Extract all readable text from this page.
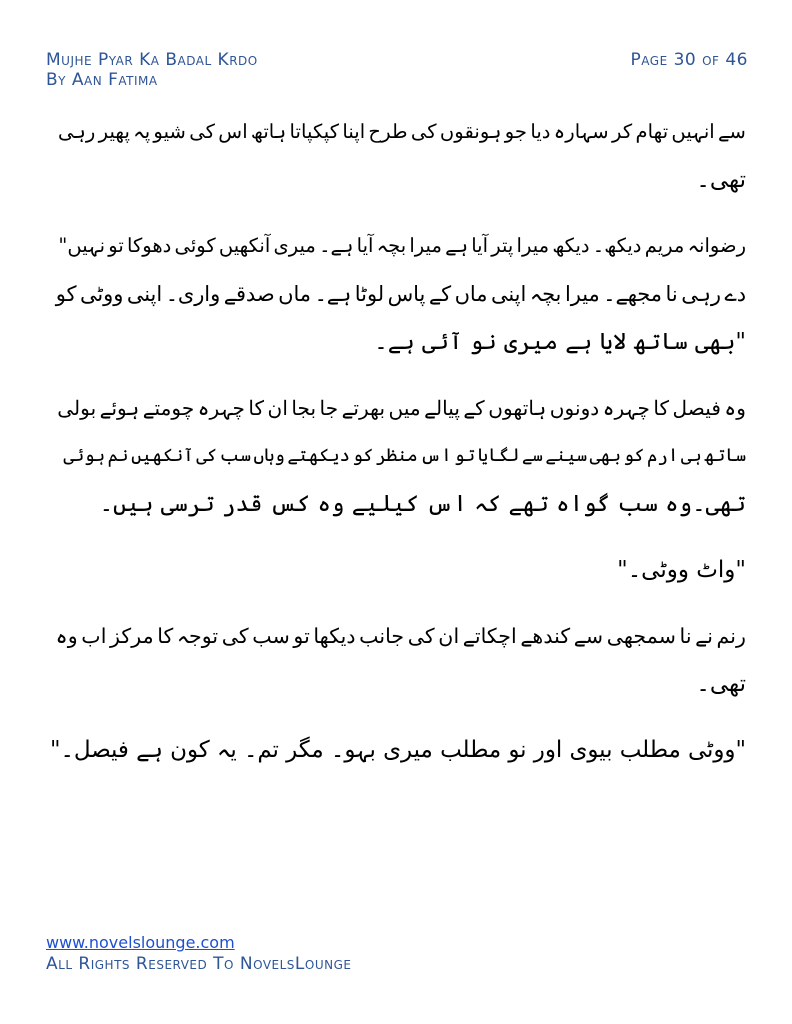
Mujhe Pyar Ka Badal Krdo
By Aan Fatima
Page 30 of 46

سے انہیں تھام کر سہارہ دیا جو ہونقوں کی طرح اپنا کپکپاتا ہاتھ اس کی شیو پہ پھیر رہی
تھی۔

رضوانہ مریم دیکھ۔ دیکھ میرا پتر آیا ہے میرا بچہ آیا ہے۔ میری آنکھیں کوئی دھوکا تو نہیں"
دے رہی نا مجھے۔ میرا بچہ اپنی ماں کے پاس لوٹا ہے۔ ماں صدقے واری۔ اپنی ووٹی کو
"بھی ساتھ لایا ہے میری نو آئی ہے۔

وہ فیصل کا چہرہ دونوں ہاتھوں کے پیالے میں بھرتے جا بجا ان کا چہرہ چومتے ہوئے بولی
ساتھ ہی ارم کو بھی سینے سے لگایا تو اس منظر کو دیکھتے وہاں سب کی آنکھیں نم ہوئی
تھی۔وہ سب گواہ تھے کہ اس کیلیے وہ کس قدر ترسی ہیں۔

"واٹ ووٹی۔"

رنم نے نا سمجھی سے کندھے اچکاتے ان کی جانب دیکھا تو سب کی توجہ کا مرکز اب وہ
تھی۔

"ووٹی مطلب بیوی اور نو مطلب میری بہو۔ مگر تم۔ یہ کون ہے فیصل۔"

www.novelslounge.com
All Rights Reserved To NovelsLounge
